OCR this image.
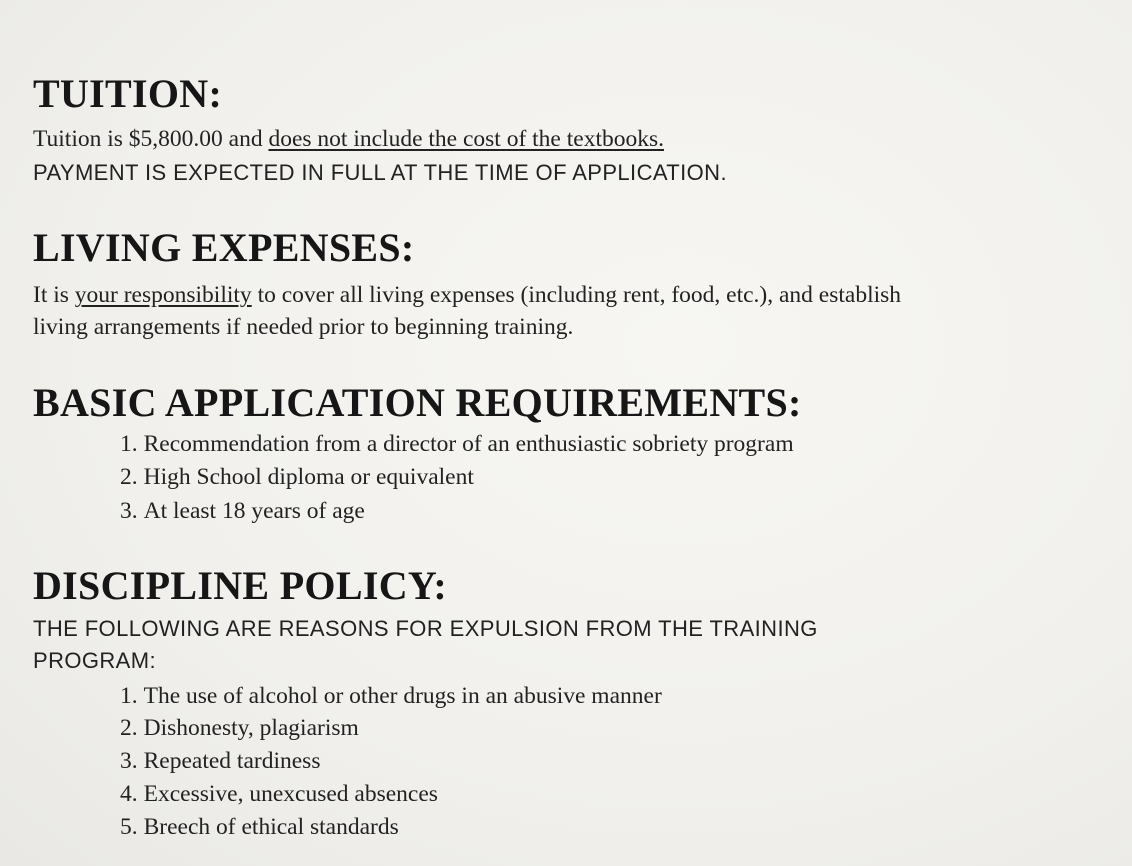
TUITION:

Tuition is $5,800.00 and does not include the cost of the textbooks.

PAYMENT IS EXPECTED IN FULL AT THE TIME OF APPLICATION.

LIVING EXPENSES:

It is your responsibility to cover all living expenses (including rent, food, etc.), and establish

living arrangements if needed prior to beginning training.

BASIC APPLICATION REQUIREMENTS:

1. Recommendation from a director of an enthusiastic sobriety program

2. High School diploma or equivalent

3. At least 18 years of age

DISCIPLINE POLICY:

THE FOLLOWING ARE REASONS FOR EXPULSION FROM THE TRAINING

PROGRAM:

1. The use of alcohol or other drugs in an abusive manner

2. Dishonesty, plagiarism

3. Repeated tardiness

4. Excessive, unexcused absences

5. Breech of ethical standards
